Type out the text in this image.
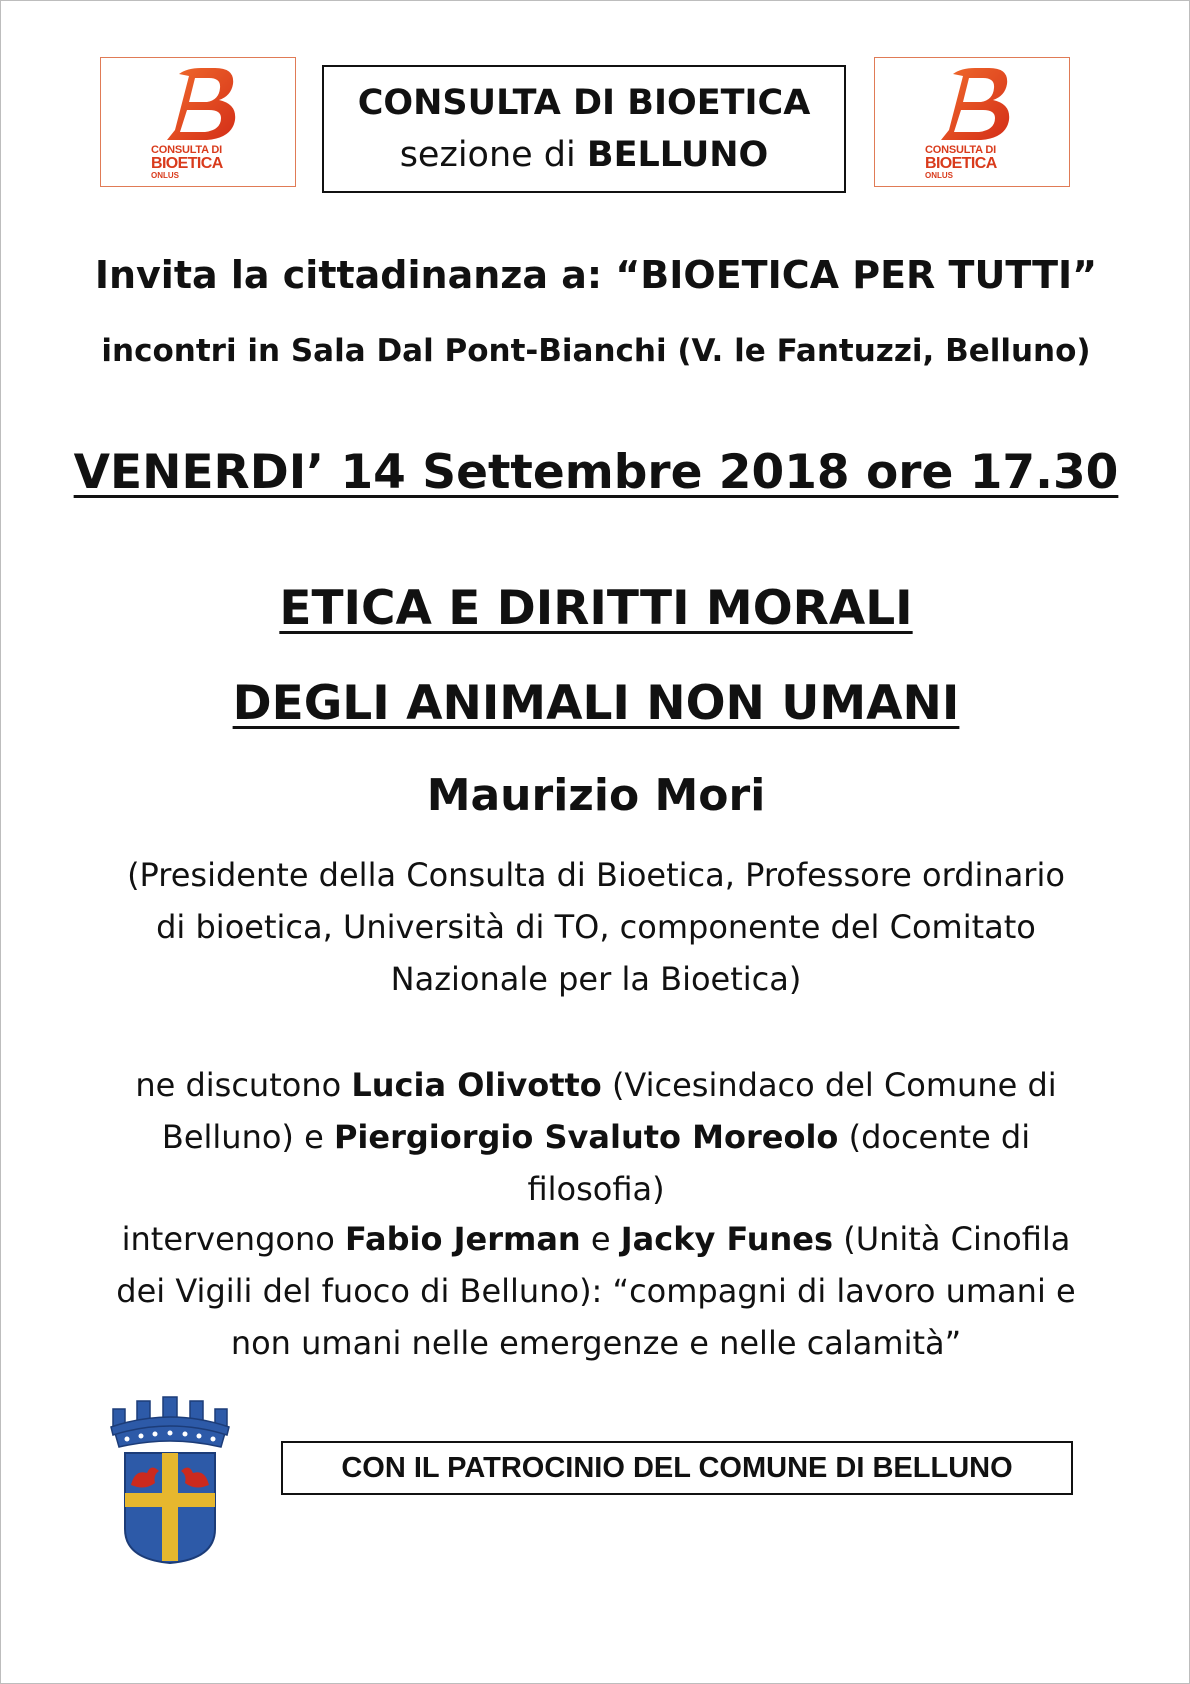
CONSULTA DI
BIOETICA
ONLUS
CONSULTA DI BIOETICA
sezione di BELLUNO	CONSULTA DI
BIOETICA
ONLUS
Invita la cittadinanza a: “BIOETICA PER TUTTI”
incontri in Sala Dal Pont-Bianchi (V. le Fantuzzi, Belluno)
VENERDI’ 14 Settembre 2018 ore 17.30
ETICA E DIRITTI MORALI
DEGLI ANIMALI NON UMANI
Maurizio Mori
(Presidente della Consulta di Bioetica, Professore ordinario di bioetica, Università di TO, componente del Comitato Nazionale per la Bioetica)
ne discutono Lucia Olivotto (Vicesindaco del Comune di Belluno) e Piergiorgio Svaluto Moreolo (docente di filosofia)
intervengono Fabio Jerman e Jacky Funes (Unità Cinofila dei Vigili del fuoco di Belluno): “compagni di lavoro umani e non umani nelle emergenze e nelle calamità”
CON IL PATROCINIO DEL COMUNE DI BELLUNO
